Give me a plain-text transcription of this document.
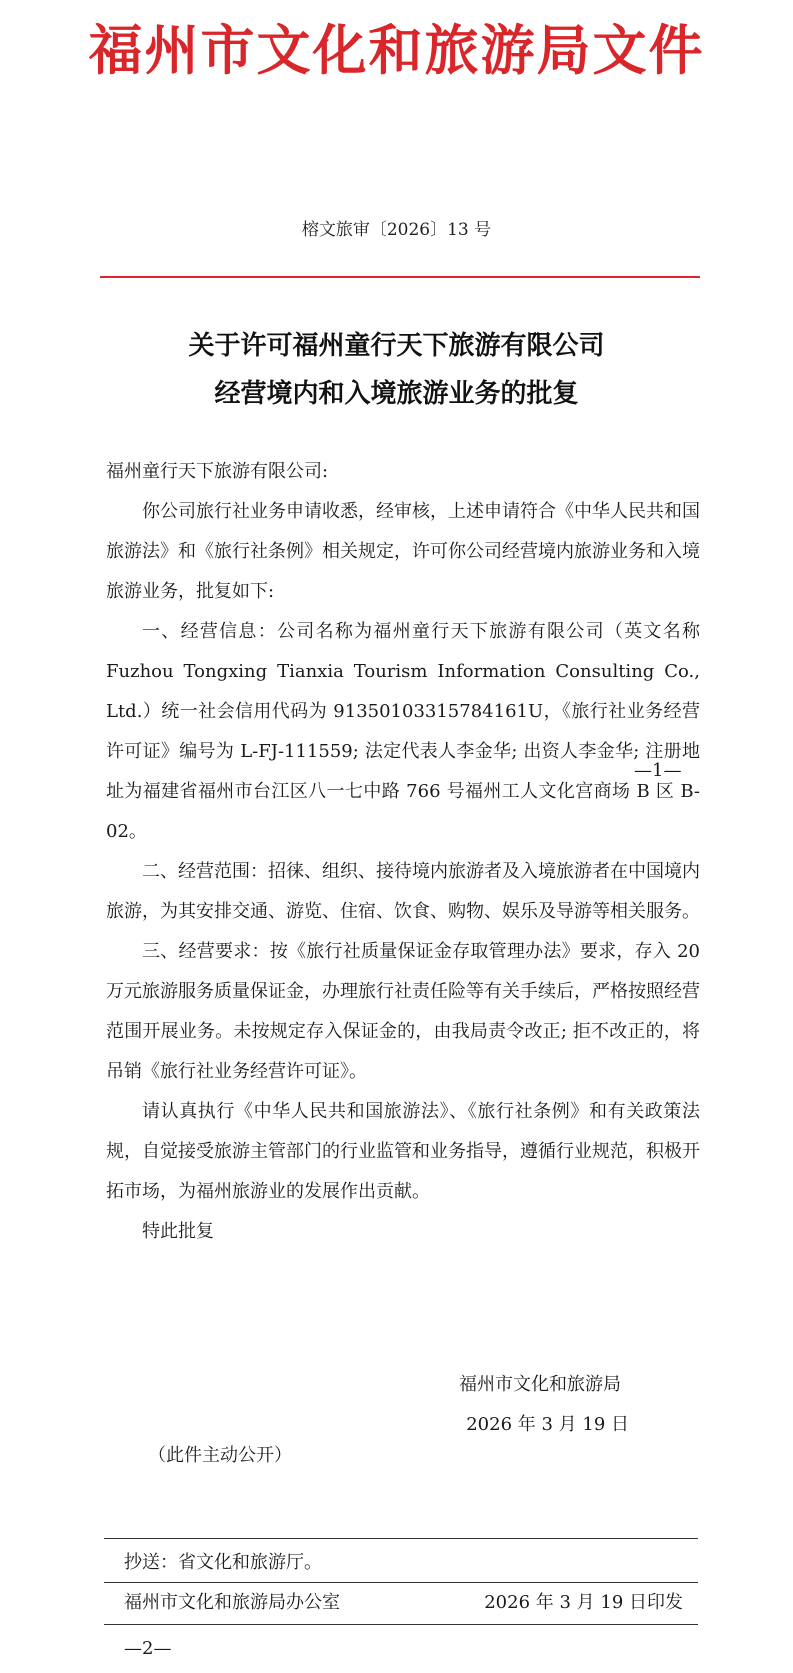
福州市文化和旅游局文件
榕文旅审〔2026〕13 号
关于许可福州童行天下旅游有限公司
经营境内和入境旅游业务的批复

福州童行天下旅游有限公司:

你公司旅行社业务申请收悉，经审核，上述申请符合《中华人民共和国旅游法》和《旅行社条例》相关规定，许可你公司经营境内旅游业务和入境旅游业务，批复如下:

一、经营信息：公司名称为福州童行天下旅游有限公司（英文名称 Fuzhou Tongxing Tianxia Tourism Information Consulting Co., Ltd.）统一社会信用代码为 91350103315784161U，《旅行社业务经营许可证》编号为 L-FJ-111559; 法定代表人李金华; 出资人李金华; 注册地址为福建省福州市台江区八一七中路 766 号福州工人文化宫商场 B 区 B-02。

二、经营范围：招徕、组织、接待境内旅游者及入境旅游者在中国境内旅游，为其安排交通、游览、住宿、饮食、购物、娱乐及导游等相关服务。

三、经营要求：按《旅行社质量保证金存取管理办法》要求，存入 20 万元旅游服务质量保证金，办理旅行社责任险等有关手续后，严格按照经营范围开展业务。未按规定存入保证金的，由我局责令改正; 拒不改正的，将吊销《旅行社业务经营许可证》。

请认真执行《中华人民共和国旅游法》、《旅行社条例》和有关政策法规，自觉接受旅游主管部门的行业监管和业务指导，遵循行业规范，积极开拓市场，为福州旅游业的发展作出贡献。

特此批复

—1—
福州市文化和旅游局
2026 年 3 月 19 日
（此件主动公开）
抄送：省文化和旅游厅。
福州市文化和旅游局办公室	2026 年 3 月 19 日印发
—2—
